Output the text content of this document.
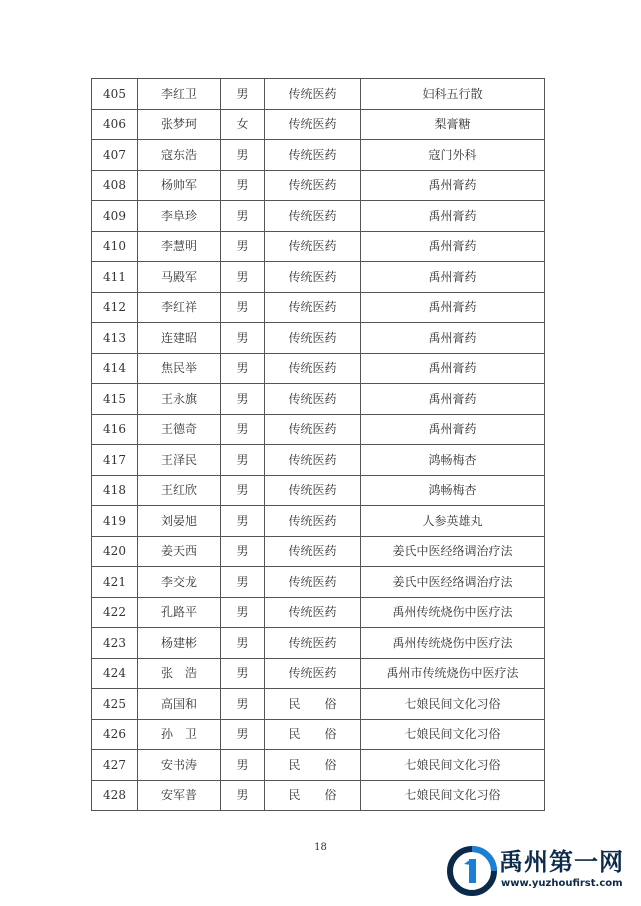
405	李红卫	男	传统医药	妇科五行散
406	张梦珂	女	传统医药	梨膏糖
407	寇东浩	男	传统医药	寇门外科
408	杨帅军	男	传统医药	禹州膏药
409	李阜珍	男	传统医药	禹州膏药
410	李慧明	男	传统医药	禹州膏药
411	马殿军	男	传统医药	禹州膏药
412	李红祥	男	传统医药	禹州膏药
413	连建昭	男	传统医药	禹州膏药
414	焦民举	男	传统医药	禹州膏药
415	王永旗	男	传统医药	禹州膏药
416	王德奇	男	传统医药	禹州膏药
417	王泽民	男	传统医药	鸿畅梅杏
418	王红欣	男	传统医药	鸿畅梅杏
419	刘晏旭	男	传统医药	人参英雄丸
420	姜天西	男	传统医药	姜氏中医经络调治疗法
421	李交龙	男	传统医药	姜氏中医经络调治疗法
422	孔路平	男	传统医药	禹州传统烧伤中医疗法
423	杨建彬	男	传统医药	禹州传统烧伤中医疗法
424	张　浩	男	传统医药	禹州市传统烧伤中医疗法
425	高国和	男	民　　俗	七娘民间文化习俗
426	孙　卫	男	民　　俗	七娘民间文化习俗
427	安书涛	男	民　　俗	七娘民间文化习俗
428	安军普	男	民　　俗	七娘民间文化习俗
18
禹州第一网
www.yuzhoufirst.com
